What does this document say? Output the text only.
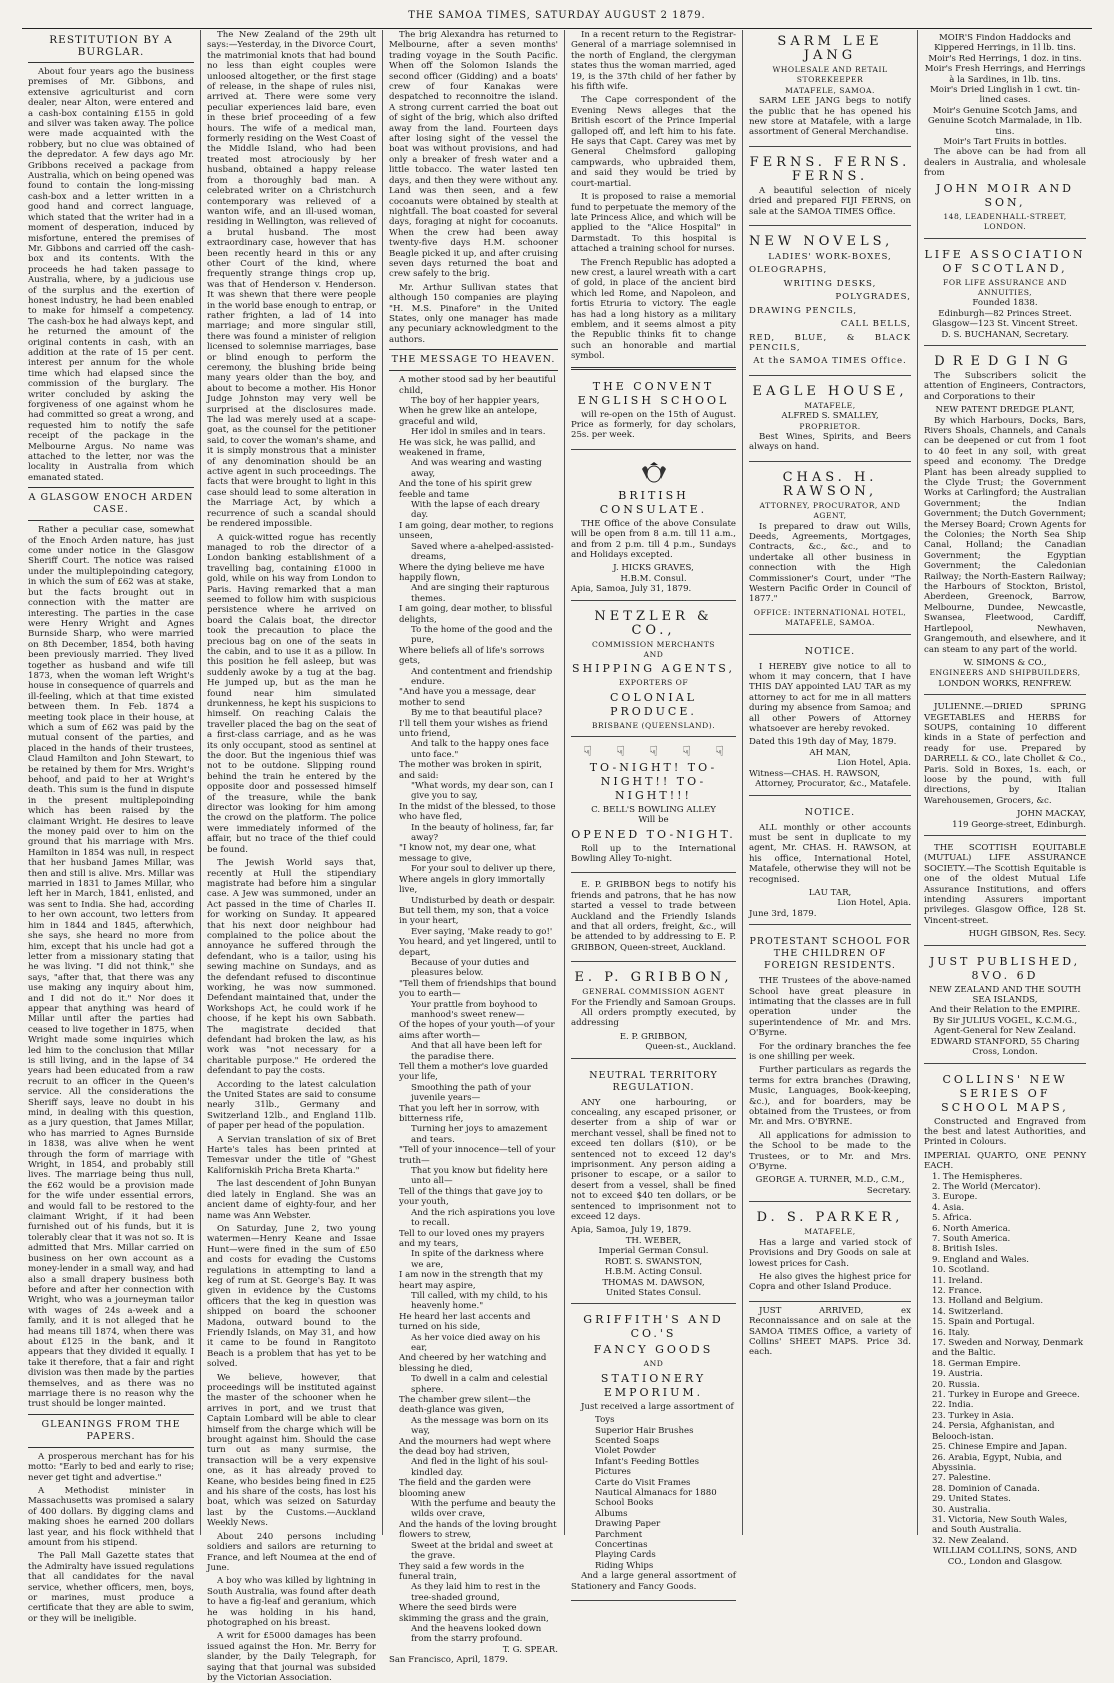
THE SAMOA TIMES, SATURDAY AUGUST 2 1879.
RESTITUTION BY A BURGLAR.

About four years ago the business premises of Mr. Gibbons, and extensive agriculturist and corn dealer, near Alton, were entered and a cash-box containing £155 in gold and silver was taken away. The police were made acquainted with the robbery, but no clue was obtained of the depredator. A few days ago Mr. Gribbons received a package from Australia, which on being opened was found to contain the long-missing cash-box and a letter written in a good hand and correct language, which stated that the writer had in a moment of desperation, induced by misfortune, entered the premises of Mr. Gibbons and carried off the cash-box and its contents. With the proceeds he had taken passage to Australia, where, by a judicious use of the surplus and the exertion of honest industry, he had been enabled to make for himself a competency. The cash-box he had always kept, and he returned the amount of the original contents in cash, with an addition at the rate of 15 per cent. interest per annum for the whole time which had elapsed since the commission of the burglary. The writer concluded by asking the forgiveness of one against whom he had committed so great a wrong, and requested him to notify the safe receipt of the package in the Melbourne Argus. No name was attached to the letter, nor was the locality in Australia from which emanated stated.

A GLASGOW ENOCH ARDEN CASE.

Rather a peculiar case, somewhat of the Enoch Arden nature, has just come under notice in the Glasgow Sheriff Court. The notice was raised under the multiplepoinding category, in which the sum of £62 was at stake, but the facts brought out in connection with the matter are interesting. The parties in the case were Henry Wright and Agnes Burnside Sharp, who were married on 8th December, 1854, both having been previously married. They lived together as husband and wife till 1873, when the woman left Wright's house in consequence of quarrels and ill-feeling, which at that time existed between them. In Feb. 1874 a meeting took place in their house, at which a sum of £62 was paid by the mutual consent of the parties, and placed in the hands of their trustees, Claud Hamilton and John Stewart, to be retained by them for Mrs. Wright's behoof, and paid to her at Wright's death. This sum is the fund in dispute in the present multiplepoinding which has been raised by the claimant Wright. He desires to leave the money paid over to him on the ground that his marriage with Mrs. Hamilton in 1854 was null, in respect that her husband James Millar, was then and still is alive. Mrs. Millar was married in 1831 to James Millar, who left her in March, 1841, enlisted, and was sent to India. She had, according to her own account, two letters from him in 1844 and 1845, afterwhich, she says, she heard no more from him, except that his uncle had got a letter from a missionary stating that he was living. "I did not think," she says, "after that, that there was any use making any inquiry about him, and I did not do it." Nor does it appear that anything was heard of Millar until after the parties had ceased to live together in 1875, when Wright made some inquiries which led him to the conclusion that Millar is still living, and in the lapse of 34 years had been educated from a raw recruit to an officer in the Queen's service. All the considerations the Sheriff says, leave no doubt in his mind, in dealing with this question, as a jury question, that James Millar, who has married to Agnes Burnside in 1838, was alive when he went through the form of marriage with Wright, in 1854, and probably still lives. The marriage being thus null, the £62 would be a provision made for the wife under essential errors, and would fall to be restored to the claimant Wright, if it had been furnished out of his funds, but it is tolerably clear that it was not so. It is admitted that Mrs. Millar carried on business on her own account as a money-lender in a small way, and had also a small drapery business both before and after her connection with Wright, who was a journeyman tailor with wages of 24s a-week and a family, and it is not alleged that he had means till 1874, when there was about £125 in the bank, and it appears that they divided it equally. I take it therefore, that a fair and right division was then made by the parties themselves, and as there was no marriage there is no reason why the trust should be longer mainted.

GLEANINGS FROM THE PAPERS.

A prosperous merchant has for his motto: "Early to bed and early to rise; never get tight and advertise."

A Methodist minister in Massachusetts was promised a salary of 400 dollars. By digging clams and making shoes he earned 200 dollars last year, and his flock withheld that amount from his stipend.

The Pall Mall Gazette states that the Admiralty have issued regulations that all candidates for the naval service, whether officers, men, boys, or marines, must produce a certificate that they are able to swim, or they will be ineligible.

The New Zealand of the 29th ult says:—Yesterday, in the Divorce Court, the matrimonial knots that had bound no less than eight couples were unloosed altogether, or the first stage of release, in the shape of rules nisi, arrived at. There were some very peculiar experiences laid bare, even in these brief proceeding of a few hours. The wife of a medical man, formerly residing on the West Coast of the Middle Island, who had been treated most atrociously by her husband, obtained a happy release from a thoroughly bad man. A celebrated writer on a Christchurch contemporary was relieved of a wanton wife, and an ill-used woman, residing in Wellington, was relieved of a brutal husband. The most extraordinary case, however that has been recently heard in this or any other Court of the kind, where frequently strange things crop up, was that of Henderson v. Henderson. It was shewn that there were people in the world base enough to entrap, or rather frighten, a lad of 14 into marriage; and more singular still, there was found a minister of religion licensed to solemnise marriages, base or blind enough to perform the ceremony, the blushing bride being many years older than the boy, and about to become a mother. His Honor Judge Johnston may very well be surprised at the disclosures made. The lad was merely used at a scape-goat, as the counsel for the petitioner said, to cover the woman's shame, and it is simply monstrous that a minister of any denomination should be an active agent in such proceedings. The facts that were brought to light in this case should lead to some alteration in the Marriage Act, by which a recurrence of such a scandal should be rendered impossible.

A quick-witted rogue has recently managed to rob the director of a London banking establishment of a travelling bag, containing £1000 in gold, while on his way from London to Paris. Having remarked that a man seemed to follow him with suspicious persistence where he arrived on board the Calais boat, the director took the precaution to place the precious bag on one of the seats in the cabin, and to use it as a pillow. In this position he fell asleep, but was suddenly awoke by a tug at the bag. He jumped up, but as the man he found near him simulated drunkenness, he kept his suspicions to himself. On reaching Calais the traveller placed the bag on the seat of a first-class carriage, and as he was its only occupant, stood as sentinel at the door. But the ingenious thief was not to be outdone. Slipping round behind the train he entered by the opposite door and possessed himself of the treasure, while the bank director was looking for him among the crowd on the platform. The police were immediately informed of the affair, but no trace of the thief could be found.

The Jewish World says that, recently at Hull the stipendiary magistrate had before him a singular case. A Jew was summoned, under an Act passed in the time of Charles II. for working on Sunday. It appeared that his next door neighbour had complained to the police about the annoyance he suffered through the defendant, who is a tailor, using his sewing machine on Sundays, and as the defendant refused to discontinue working, he was now summoned. Defendant maintained that, under the Workshops Act, he could work if he choose, if he kept his own Sabbath. The magistrate decided that defendant had broken the law, as his work was "not necessary for a charitable purpose." He ordered the defendant to pay the costs.

According to the latest calculation the United States are said to consume nearly 31lb., Germany and Switzerland 12lb., and England 11lb. of paper per head of the population.

A Servian translation of six of Bret Harte's tales has been printed at Temesvar under the title of "Ghest Kaliforniskih Pricha Breta Kharta."

The last descendent of John Bunyan died lately in England. She was an ancient dame of eighty-four, and her name was Ann Webster.

On Saturday, June 2, two young watermen—Henry Keane and Issae Hunt—were fined in the sum of £50 and costs for evading the Customs regulations in attempting to land a keg of rum at St. George's Bay. It was given in evidence by the Customs officers that the keg in question was shipped on board the schooner Madona, outward bound to the Friendly Islands, on May 31, and how it came to be found in Rangitoto Beach is a problem that has yet to be solved.

We believe, however, that proceedings will be instituted against the master of the schooner when he arrives in port, and we trust that Captain Lombard will be able to clear himself from the charge which will be brought against him. Should the case turn out as many surmise, the transaction will be a very expensive one, as it has already proved to Keane, who besides being fined in £25 and his share of the costs, has lost his boat, which was seized on Saturday last by the Customs.—Auckland Weekly News.

About 240 persons including soldiers and sailors are returning to France, and left Noumea at the end of June.

A boy who was killed by lightning in South Australia, was found after death to have a fig-leaf and geranium, which he was holding in his hand, photographed on his breast.

A writ for £5000 damages has been issued against the Hon. Mr. Berry for slander, by the Daily Telegraph, for saying that that journal was subsided by the Victorian Association.

The brig Alexandra has returned to Melbourne, after a seven months' trading voyage in the South Pacific. When off the Solomon Islands the second officer (Gidding) and a boats' crew of four Kanakas were despatched to reconnoitre the island. A strong current carried the boat out of sight of the brig, which also drifted away from the land. Fourteen days after losing sight of the vessel the boat was without provisions, and had only a breaker of fresh water and a little tobacco. The water lasted ten days, and then they were without any. Land was then seen, and a few cocoanuts were obtained by stealth at nightfall. The boat coasted for several days, foraging at night for cocoanuts. When the crew had been away twenty-five days H.M. schooner Beagle picked it up, and after cruising seven days returned the boat and crew safely to the brig.

Mr. Arthur Sullivan states that although 150 companies are playing "H. M.S. Pinafore" in the United States, only one manager has made any pecuniary acknowledgment to the authors.

THE MESSAGE TO HEAVEN.

A mother stood sad by her beautiful child,

The boy of her happier years,

When he grew like an antelope, graceful and wild,

Her idol in smiles and in tears.

He was sick, he was pallid, and weakened in frame,

And was wearing and wasting away,

And the tone of his spirit grew feeble and tame

With the lapse of each dreary day.

I am going, dear mother, to regions unseen,

Saved where a-ahelped-assisted-dreams,

Where the dying believe me have happily flown,

And are singing their rapturous themes.

I am going, dear mother, to blissful delights,

To the home of the good and the pure,

Where beliefs all of life's sorrows gets,

And contentment and friendship endure.

"And have you a message, dear mother to send

By me to that beautiful place?

I'll tell them your wishes as friend unto friend,

And talk to the happy ones face unto face."

The mother was broken in spirit, and said:

"What words, my dear son, can I give you to say,

In the midst of the blessed, to those who have fled,

In the beauty of holiness, far, far away?

"I know not, my dear one, what message to give,

For your soul to deliver up there,

Where angels in glory immortally live,

Undisturbed by death or despair.

But tell them, my son, that a voice in your heart,

Ever saying, 'Make ready to go!'

You heard, and yet lingered, until to depart,

Because of your duties and pleasures below.

"Tell them of friendships that bound you to earth—

Your prattle from boyhood to manhood's sweet renew—

Of the hopes of your youth—of your aims after worth—

And that all have been left for the paradise there.

Tell them a mother's love guarded your life,

Smoothing the path of your juvenile years—

That you left her in sorrow, with bitterness rife,

Turning her joys to amazement and tears.

"Tell of your innocence—tell of your truth—

That you know but fidelity here unto all—

Tell of the things that gave joy to your youth,

And the rich aspirations you love to recall.

Tell to our loved ones my prayers and my tears,

In spite of the darkness where we are,

I am now in the strength that my heart may aspire,

Till called, with my child, to his heavenly home."

He heard her last accents and turned on his side,

As her voice died away on his ear,

And cheered by her watching and blessing he died,

To dwell in a calm and celestial sphere.

The chamber grew silent—the death-glance was given,

As the message was born on its way,

And the mourners had wept where the dead boy had striven,

And fled in the light of his soul-kindled day.

The field and the garden were blooming anew

With the perfume and beauty the wilds over crave,

And the hands of the loving brought flowers to strew,

Sweet at the bridal and sweet at the grave.

They said a few words in the funeral train,

As they laid him to rest in the tree-shaded ground,

Where the seed birds were skimming the grass and the grain,

And the heavens looked down from the starry profound.

T. G. SPEAR.
San Francisco, April, 1879.

In a recent return to the Registrar-General of a marriage solemnised in the north of England, the clergyman states thus the woman married, aged 19, is the 37th child of her father by his fifth wife.

The Cape correspondent of the Evening News alleges that the British escort of the Prince Imperial galloped off, and left him to his fate. He says that Capt. Carey was met by General Chelmsford galloping campwards, who upbraided them, and said they would be tried by court-martial.

It is proposed to raise a memorial fund to perpetuate the memory of the late Princess Alice, and which will be applied to the "Alice Hospital" in Darmstadt. To this hospital is attached a training school for nurses.

The French Republic has adopted a new crest, a laurel wreath with a cart of gold, in place of the ancient bird which led Rome, and Napoleon, and fortis Etruria to victory. The eagle has had a long history as a military emblem, and it seems almost a pity the Republic thinks fit to change such an honorable and martial symbol.

THE CONVENT ENGLISH SCHOOL

will re-open on the 15th of August. Price as formerly, for day scholars, 25s. per week.

BRITISH CONSULATE.

THE Office of the above Consulate will be open from 8 a.m. till 11 a.m., and from 2 p.m. till 4 p.m., Sundays and Holidays excepted.

J. HICKS GRAVES,
H.B.M. Consul.
Apia, Samoa, July 31, 1879.
NETZLER & CO.,
COMMISSION MERCHANTS
AND
SHIPPING AGENTS,
EXPORTERS OF
COLONIAL PRODUCE.
BRISBANE (QUEENSLAND).
☟ ☟ ☟ ☟ ☟
TO-NIGHT! TO-NIGHT!! TO-NIGHT!!!
C. BELL'S BOWLING ALLEY
Will be
OPENED TO-NIGHT.

Roll up to the International Bowling Alley To-night.

E. P. GRIBBON begs to notify his friends and patrons, that he has now started a vessel to trade between Auckland and the Friendly Islands and that all orders, freight, &c., will be attended to by addressing to E. P. GRIBBON, Queen-street, Auckland.

E. P. GRIBBON,
GENERAL COMMISSION AGENT
For the Friendly and Samoan Groups.

All orders promptly executed, by addressing

E. P. GRIBBON,
Queen-st., Auckland.
NEUTRAL TERRITORY REGULATION.

ANY one harbouring, or concealing, any escaped prisoner, or deserter from a ship of war or merchant vessel, shall be fined not to exceed ten dollars ($10), or be sentenced not to exceed 12 day's imprisonment. Any person aiding a prisoner to escape, or a sailor to desert from a vessel, shall be fined not to exceed $40 ten dollars, or be sentenced to imprisonment not to exceed 12 days.

Apia, Samoa, July 19, 1879.
TH. WEBER,
Imperial German Consul.
ROBT. S. SWANSTON,
H.B.M. Acting Consul.
THOMAS M. DAWSON,
United States Consul.
GRIFFITH'S AND CO.'S
FANCY GOODS
AND
STATIONERY EMPORIUM.

Just received a large assortment of

Toys
Superior Hair Brushes
Scented Soaps
Violet Powder
Infant's Feeding Bottles
Pictures
Carte do Visit Frames
Nautical Almanacs for 1880
School Books
Albums
Drawing Paper
Parchment
Concertinas
Playing Cards
Riding Whips

And a large general assortment of Stationery and Fancy Goods.

SARM LEE JANG
WHOLESALE AND RETAIL STOREKEEPER
MATAFELE, SAMOA.

SARM LEE JANG begs to notify the public that he has opened his new store at Matafele, with a large assortment of General Merchandise.

FERNS. FERNS. FERNS.

A beautiful selection of nicely dried and prepared FIJI FERNS, on sale at the SAMOA TIMES Office.

NEW NOVELS,
LADIES' WORK-BOXES,
OLEOGRAPHS,
WRITING DESKS,
POLYGRADES,
DRAWING PENCILS,
CALL BELLS,
RED, BLUE, & BLACK PENCILS,
At the SAMOA TIMES Office.
EAGLE HOUSE,
MATAFELE,
ALFRED S. SMALLEY,
PROPRIETOR.

Best Wines, Spirits, and Beers always on hand.

CHAS. H. RAWSON,
ATTORNEY, PROCURATOR, AND AGENT,

Is prepared to draw out Wills, Deeds, Agreements, Mortgages, Contracts, &c., &c., and to undertake all other business in connection with the High Commissioner's Court, under "The Western Pacific Order in Council of 1877."

OFFICE: INTERNATIONAL HOTEL,
MATAFELE, SAMOA.
NOTICE.

I HEREBY give notice to all to whom it may concern, that I have THIS DAY appointed LAU TAR as my attorney to act for me in all matters during my absence from Samoa; and all other Powers of Attorney whatsoever are hereby revoked.

Dated this 19th day of May, 1879.
AH MAN,
Lion Hotel, Apia.
Witness—CHAS. H. RAWSON,
Attorney, Procurator, &c., Matafele.
NOTICE.

ALL monthly or other accounts must be sent in duplicate to my agent, Mr. CHAS. H. RAWSON, at his office, International Hotel, Matafele, otherwise they will not be recognised.

LAU TAR,
Lion Hotel, Apia.
June 3rd, 1879.
PROTESTANT SCHOOL FOR THE CHILDREN OF FOREIGN RESIDENTS.

THE Trustees of the above-named School have great pleasure in intimating that the classes are in full operation under the superintendence of Mr. and Mrs. O'Byrne.

For the ordinary branches the fee is one shilling per week.

Further particulars as regards the terms for extra branches (Drawing, Music, Languages, Book-keeping, &c.), and for boarders, may be obtained from the Trustees, or from Mr. and Mrs. O'BYRNE.

All applications for admission to the School to be made to the Trustees, or to Mr. and Mrs. O'Byrne.

GEORGE A. TURNER, M.D., C.M.,
Secretary.
D. S. PARKER,
MATAFELE,

Has a large and varied stock of Provisions and Dry Goods on sale at lowest prices for Cash.

He also gives the highest price for Copra and other Island Produce.

JUST ARRIVED, ex Reconnaissance and on sale at the SAMOA TIMES Office, a variety of Collins' SHEET MAPS. Price 3d. each.

MOIR'S Findon Haddocks and Kippered Herrings, in 1l lb. tins.
Moir's Red Herrings, 1 doz. in tins.
Moir's Fresh Herrings, and Herrings à la Sardines, in 1lb. tins.
Moir's Dried Linglish in 1 cwt. tin-lined cases.
Moir's Genuine Scotch Jams, and Genuine Scotch Marmalade, in 1lb. tins.
Moir's Tart Fruits in bottles.

The above can be had from all dealers in Australia, and wholesale from

JOHN MOIR AND SON,
148, LEADENHALL-STREET, LONDON.
LIFE ASSOCIATION OF SCOTLAND,
FOR LIFE ASSURANCE AND ANNUITIES,
Founded 1838.
Edinburgh—82 Princes Street.
Glasgow—123 St. Vincent Street.
D. S. BUCHANAN, Secretary.
DREDGING

The Subscribers solicit the attention of Engineers, Contractors, and Corporations to their

NEW PATENT DREDGE PLANT,

By which Harbours, Docks, Bars, Rivers Shoals, Channels, and Canals can be deepened or cut from 1 foot to 40 feet in any soil, with great speed and economy. The Dredge Plant has been already supplied to the Clyde Trust; the Government Works at Carlingford; the Australian Government; the Indian Government; the Dutch Government; the Mersey Board; Crown Agents for the Colonies; the North Sea Ship Canal, Holland; the Canadian Government; the Egyptian Government; the Caledonian Railway; the North-Eastern Railway; the Harbours of Stockton, Bristol, Aberdeen, Greenock, Barrow, Melbourne, Dundee, Newcastle, Swansea, Fleetwood, Cardiff, Hartlepool, Newhaven, Grangemouth, and elsewhere, and it can steam to any part of the world.

W. SIMONS & CO.,
ENGINEERS AND SHIPBUILDERS,
LONDON WORKS, RENFREW.

JULIENNE.—DRIED SPRING VEGETABLES and HERBS for SOUPS, containing 10 different kinds in a State of perfection and ready for use. Prepared by DARRELL & CO., late Chollet & Co., Paris. Sold in Boxes, 1s. each, or loose by the pound, with full directions, by Italian Warehousemen, Grocers, &c.

JOHN MACKAY,
119 George-street, Edinburgh.

THE SCOTTISH EQUITABLE (MUTUAL) LIFE ASSURANCE SOCIETY.—The Scottish Equitable is one of the oldest Mutual Life Assurance Institutions, and offers intending Assurers important privileges. Glasgow Office, 128 St. Vincent-street.

HUGH GIBSON, Res. Secy.
JUST PUBLISHED, 8VO. 6D
NEW ZEALAND AND THE SOUTH SEA ISLANDS,
And their Relation to the EMPIRE.
By Sir JULIUS VOGEL, K.C.M.G., Agent-General for New Zealand.
EDWARD STANFORD, 55 Charing Cross, London.
COLLINS' NEW SERIES OF SCHOOL MAPS,

Constructed and Engraved from the best and latest Authorities, and Printed in Colours.

IMPERIAL QUARTO, ONE PENNY EACH.
1. The Hemispheres.
2. The World (Mercator).
3. Europe.
4. Asia.
5. Africa.
6. North America.
7. South America.
8. British Isles.
9. England and Wales.
10. Scotland.
11. Ireland.
12. France.
13. Holland and Belgium.
14. Switzerland.
15. Spain and Portugal.
16. Italy.
17. Sweden and Norway, Denmark and the Baltic.
18. German Empire.
19. Austria.
20. Russia.
21. Turkey in Europe and Greece.
22. India.
23. Turkey in Asia.
24. Persia, Afghanistan, and Belooch-istan.
25. Chinese Empire and Japan.
26. Arabia, Egypt, Nubia, and Abyssinia.
27. Palestine.
28. Dominion of Canada.
29. United States.
30. Australia.
31. Victoria, New South Wales, and South Australia.
32. New Zealand.
WILLIAM COLLINS, SONS, AND CO., London and Glasgow.
